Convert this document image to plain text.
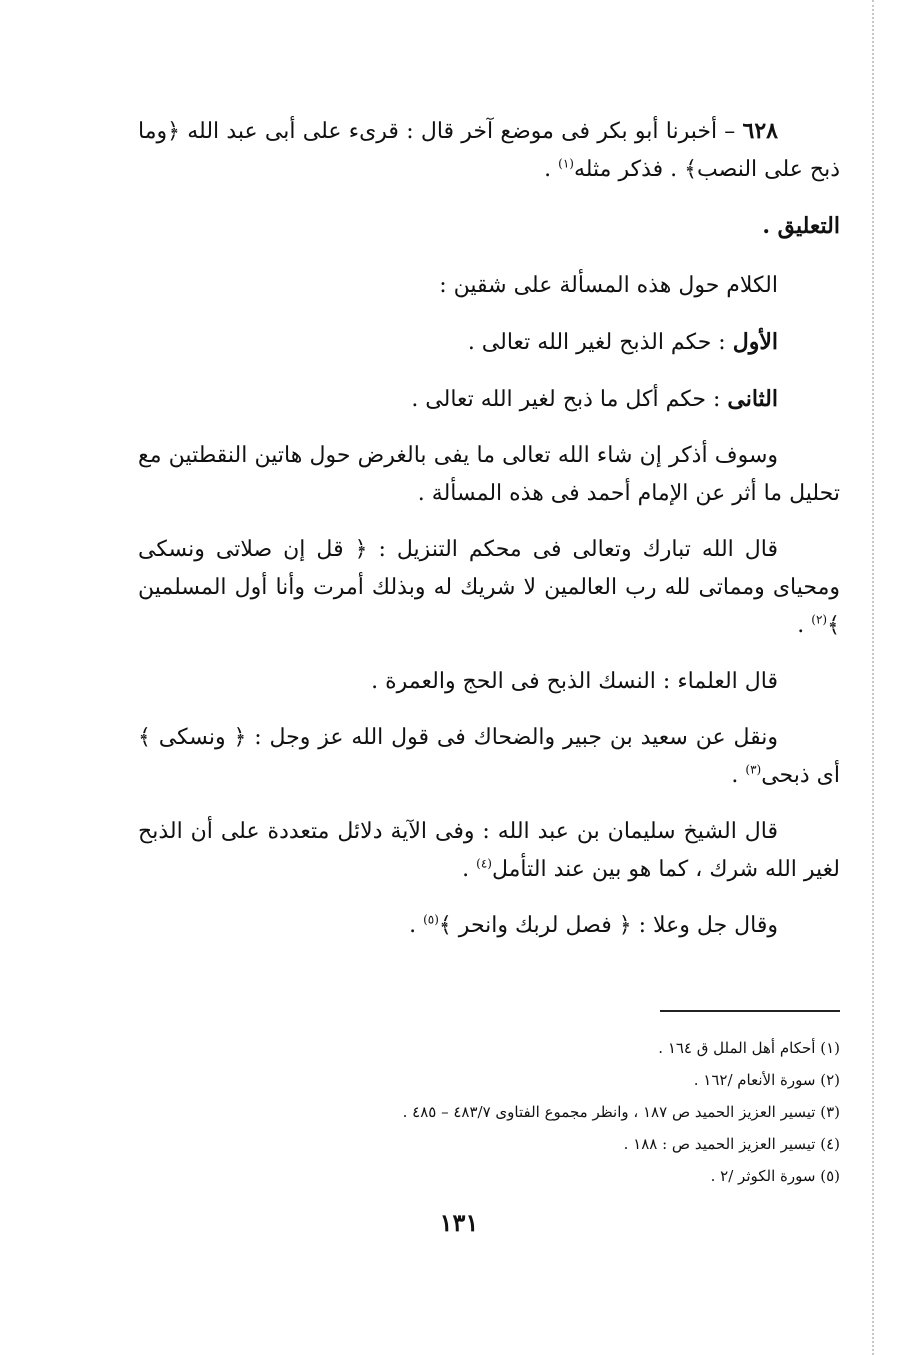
٦٢٨ – أخبرنا أبو بكر فى موضع آخر قال : قرىء على أبى عبد الله ﴿وما ذبح على النصب﴾ . فذكر مثله$^{(١)}$ .

التعليق .

الكلام حول هذه المسألة على شقين :

الأول : حكم الذبح لغير الله تعالى .

الثانى : حكم أكل ما ذبح لغير الله تعالى .

وسوف أذكر إن شاء الله تعالى ما يفى بالغرض حول هاتين النقطتين مع تحليل ما أثر عن الإمام أحمد فى هذه المسألة .

قال الله تبارك وتعالى فى محكم التنزيل : ﴿ قل إن صلاتى ونسكى ومحياى ومماتى لله رب العالمين لا شريك له وبذلك أمرت وأنا أول المسلمين ﴾$^{(٢)}$ .

قال العلماء : النسك الذبح فى الحج والعمرة .

ونقل عن سعيد بن جبير والضحاك فى قول الله عز وجل : ﴿ ونسكى ﴾ أى ذبحى$^{(٣)}$ .

قال الشيخ سليمان بن عبد الله : وفى الآية دلائل متعددة على أن الذبح لغير الله شرك ، كما هو بين عند التأمل$^{(٤)}$ .

وقال جل وعلا : ﴿ فصل لربك وانحر ﴾$^{(٥)}$ .

(١) أحكام أهل الملل ق ١٦٤ .
(٢) سورة الأنعام /١٦٢ .
(٣) تيسير العزيز الحميد ص ١٨٧ ، وانظر مجموع الفتاوى ٤٨٣/٧ – ٤٨٥ .
(٤) تيسير العزيز الحميد ص : ١٨٨ .
(٥) سورة الكوثر /٢ .
١٣١
